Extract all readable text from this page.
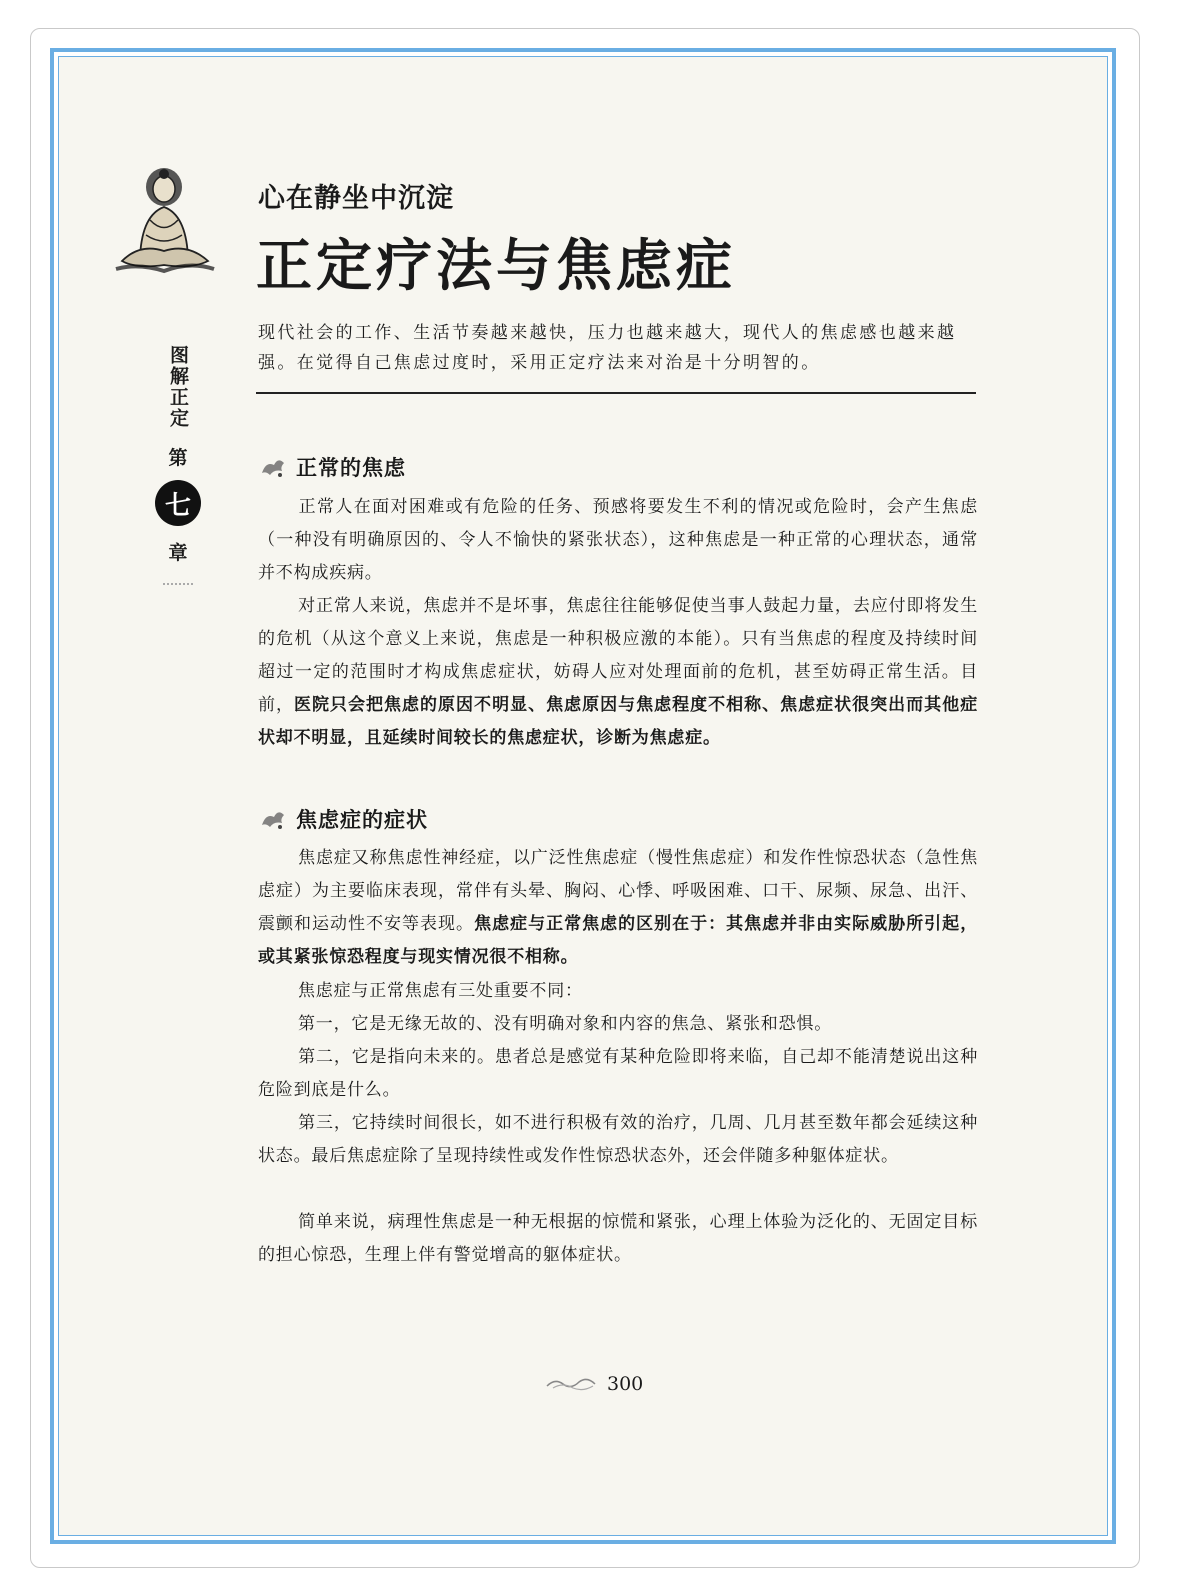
心在静坐中沉淀
正定疗法与焦虑症
图解正定
第
七
章

现代社会的工作、生活节奏越来越快，压力也越来越大，现代人的焦虑感也越来越强。在觉得自己焦虑过度时，采用正定疗法来对治是十分明智的。

正常的焦虑

正常人在面对困难或有危险的任务、预感将要发生不利的情况或危险时，会产生焦虑（一种没有明确原因的、令人不愉快的紧张状态），这种焦虑是一种正常的心理状态，通常并不构成疾病。

对正常人来说，焦虑并不是坏事，焦虑往往能够促使当事人鼓起力量，去应付即将发生的危机（从这个意义上来说，焦虑是一种积极应激的本能）。只有当焦虑的程度及持续时间超过一定的范围时才构成焦虑症状，妨碍人应对处理面前的危机，甚至妨碍正常生活。目前，医院只会把焦虑的原因不明显、焦虑原因与焦虑程度不相称、焦虑症状很突出而其他症状却不明显，且延续时间较长的焦虑症状，诊断为焦虑症。

焦虑症的症状

焦虑症又称焦虑性神经症，以广泛性焦虑症（慢性焦虑症）和发作性惊恐状态（急性焦虑症）为主要临床表现，常伴有头晕、胸闷、心悸、呼吸困难、口干、尿频、尿急、出汗、震颤和运动性不安等表现。焦虑症与正常焦虑的区别在于：其焦虑并非由实际威胁所引起，或其紧张惊恐程度与现实情况很不相称。

焦虑症与正常焦虑有三处重要不同：

第一，它是无缘无故的、没有明确对象和内容的焦急、紧张和恐惧。

第二，它是指向未来的。患者总是感觉有某种危险即将来临，自己却不能清楚说出这种危险到底是什么。

第三，它持续时间很长，如不进行积极有效的治疗，几周、几月甚至数年都会延续这种状态。最后焦虑症除了呈现持续性或发作性惊恐状态外，还会伴随多种躯体症状。

简单来说，病理性焦虑是一种无根据的惊慌和紧张，心理上体验为泛化的、无固定目标的担心惊恐，生理上伴有警觉增高的躯体症状。

300
